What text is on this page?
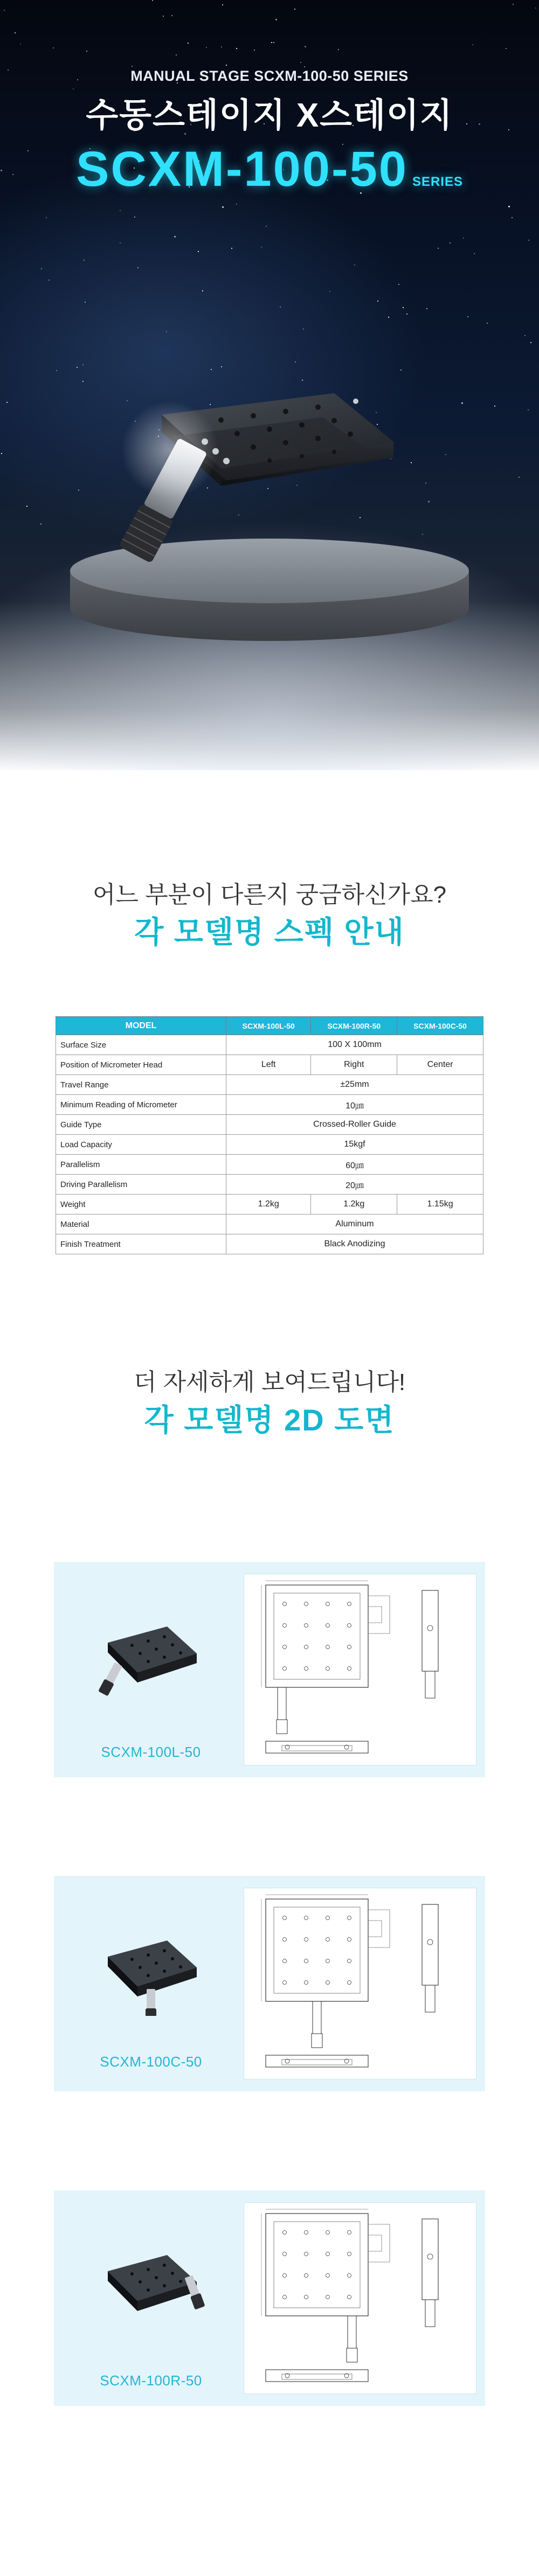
MANUAL STAGE SCXM-100-50 SERIES
수동스테이지 X스테이지
SCXM-100-50 SERIES
어느 부분이 다른지 궁금하신가요?
각 모델명 스펙 안내
MODEL	SCXM-100L-50	SCXM-100R-50	SCXM-100C-50
Surface Size	100 X 100mm		
Position of Micrometer Head	Left	Right	Center
Travel Range	±25mm		
Minimum Reading of Micrometer	10㎛		
Guide Type	Crossed-Roller Guide		
Load Capacity	15kgf		
Parallelism	60㎛		
Driving Parallelism	20㎛		
Weight	1.2kg	1.2kg	1.15kg
Material	Aluminum		
Finish Treatment	Black Anodizing		
더 자세하게 보여드립니다!
각 모델명 2D 도면
SCXM-100L-50
SCXM-100C-50
SCXM-100R-50
